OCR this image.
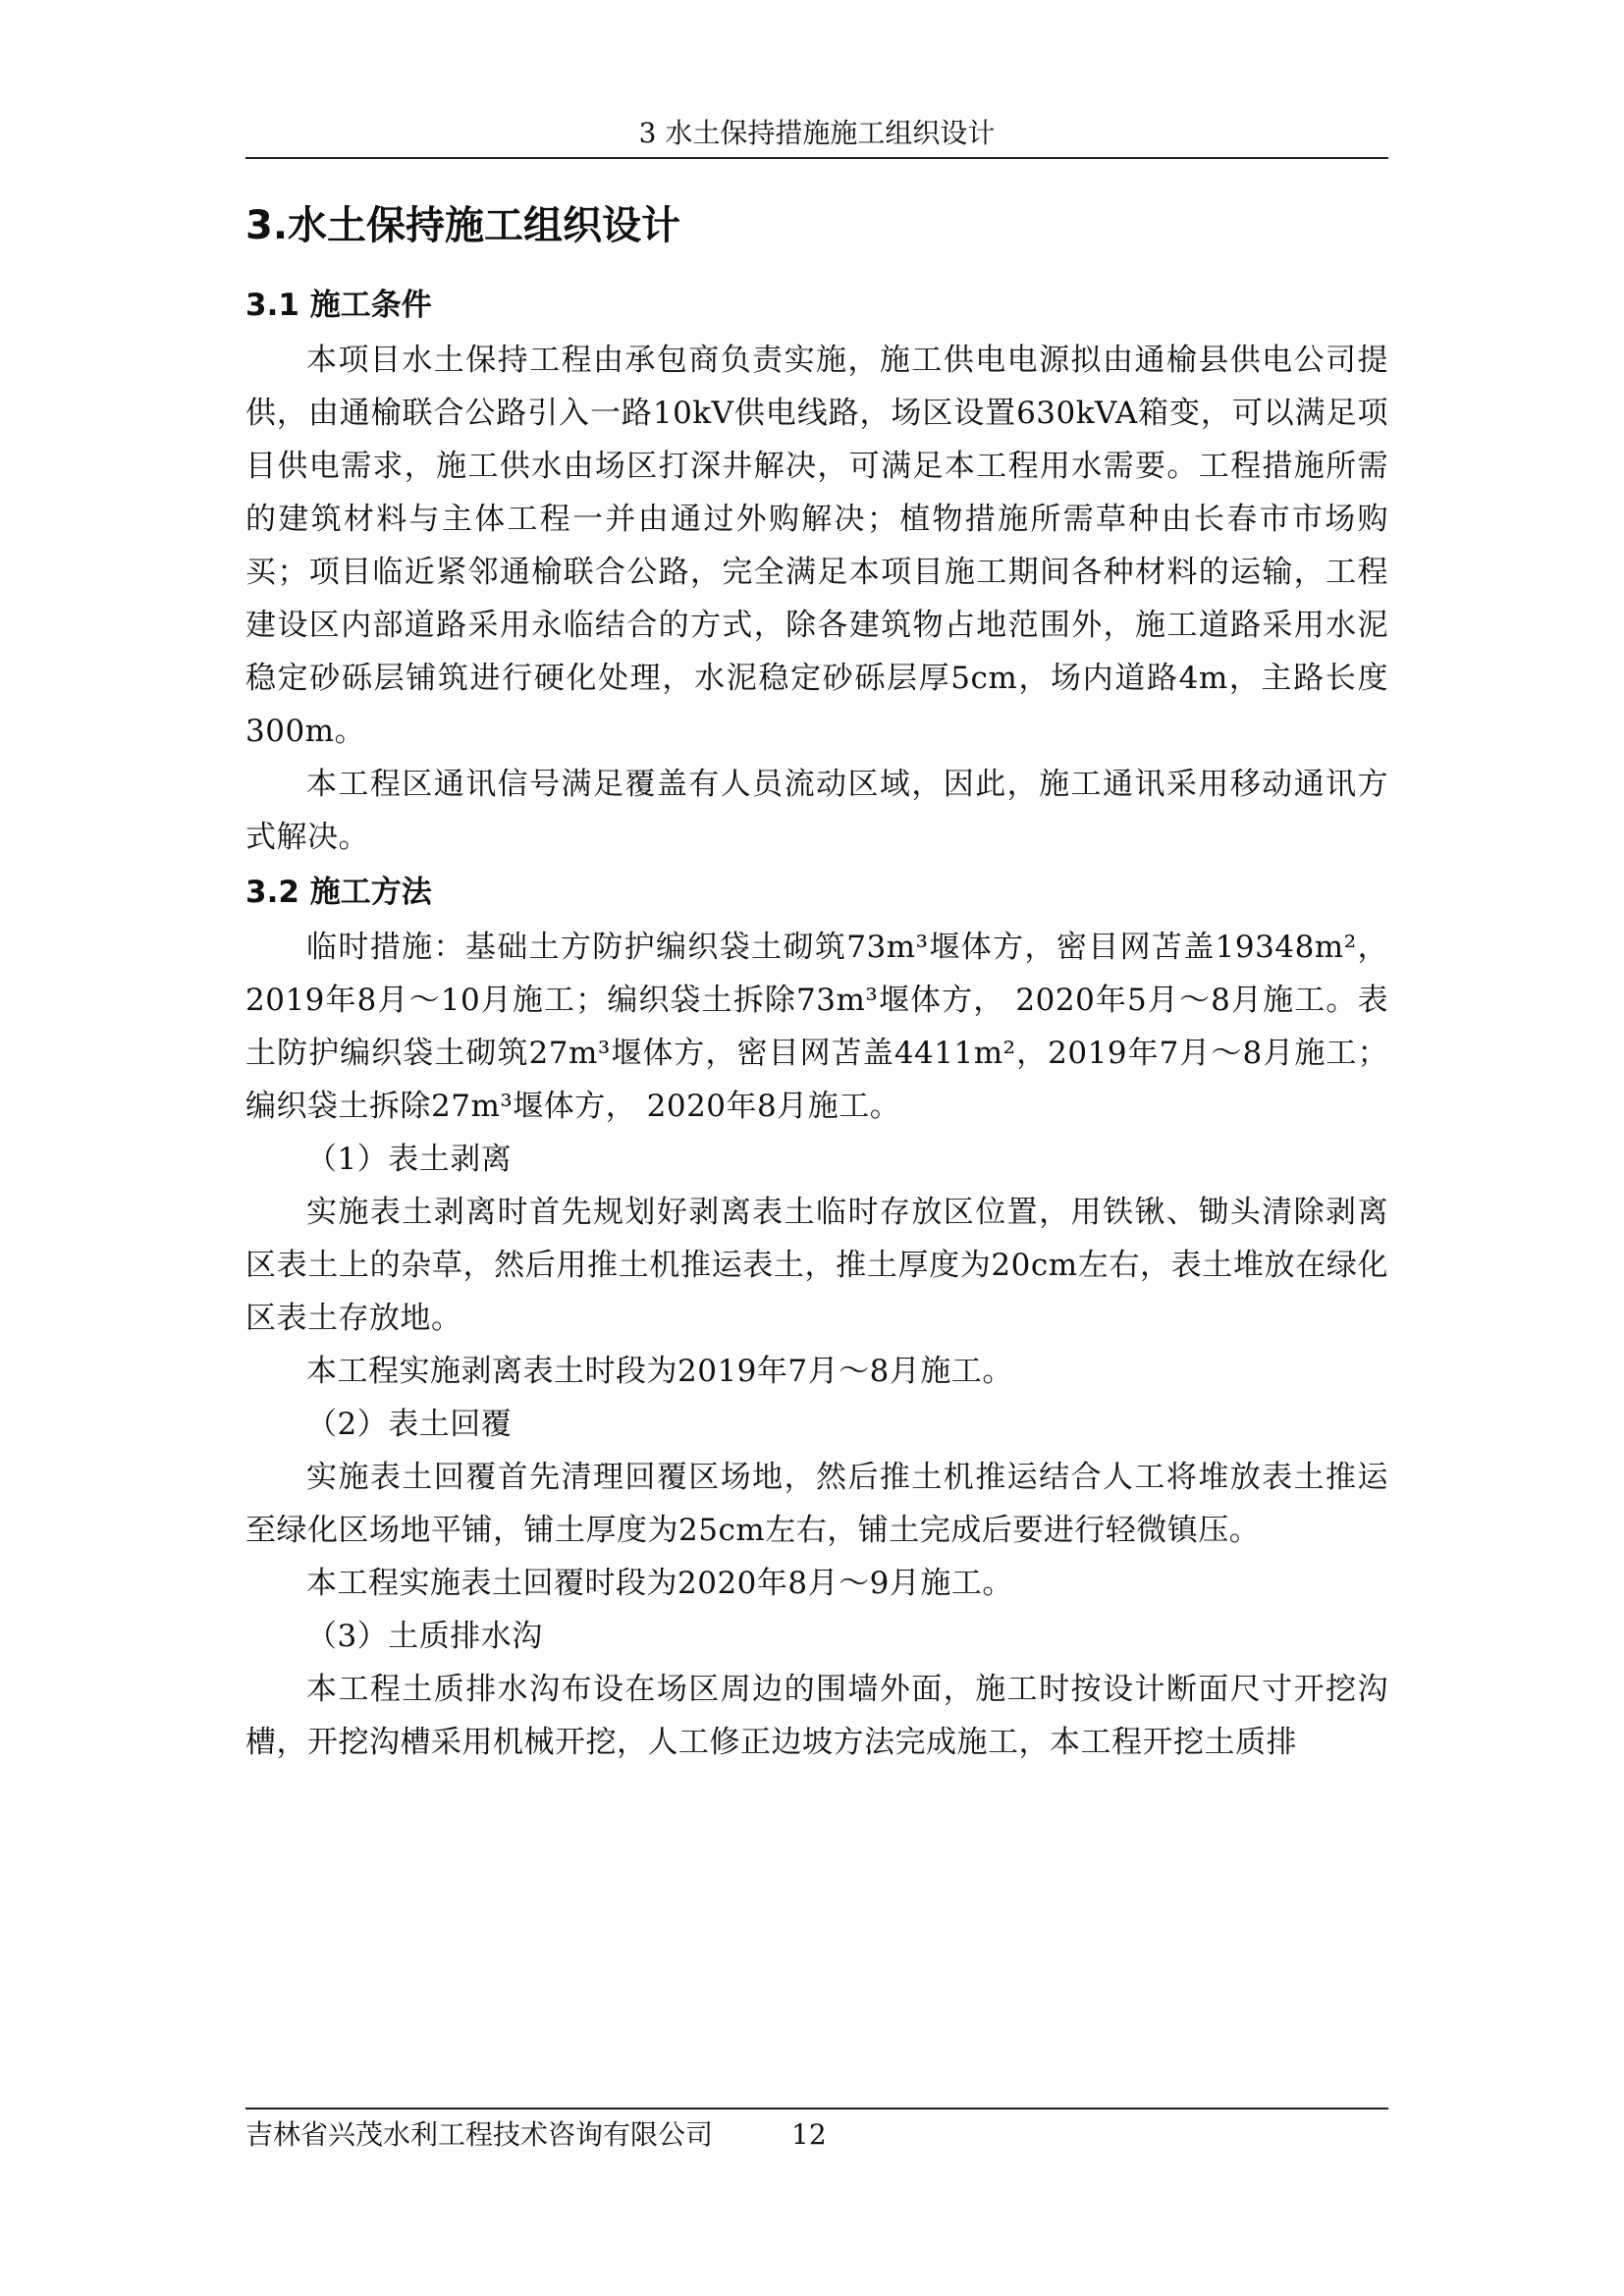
3 水土保持措施施工组织设计
3.水土保持施工组织设计
3.1 施工条件

本项目水土保持工程由承包商负责实施，施工供电电源拟由通榆县供电公司提供，由通榆联合公路引入一路10kV供电线路，场区设置630kVA箱变，可以满足项目供电需求，施工供水由场区打深井解决，可满足本工程用水需要。工程措施所需的建筑材料与主体工程一并由通过外购解决；植物措施所需草种由长春市市场购买；项目临近紧邻通榆联合公路，完全满足本项目施工期间各种材料的运输，工程建设区内部道路采用永临结合的方式，除各建筑物占地范围外，施工道路采用水泥稳定砂砾层铺筑进行硬化处理，水泥稳定砂砾层厚5cm，场内道路4m，主路长度300m。

本工程区通讯信号满足覆盖有人员流动区域，因此，施工通讯采用移动通讯方式解决。

3.2 施工方法

临时措施：基础土方防护编织袋土砌筑73m³堰体方，密目网苫盖19348m²，2019年8月～10月施工；编织袋土拆除73m³堰体方， 2020年5月～8月施工。表土防护编织袋土砌筑27m³堰体方，密目网苫盖4411m²，2019年7月～8月施工；编织袋土拆除27m³堰体方， 2020年8月施工。

（1）表土剥离

实施表土剥离时首先规划好剥离表土临时存放区位置，用铁锹、锄头清除剥离区表土上的杂草，然后用推土机推运表土，推土厚度为20cm左右，表土堆放在绿化区表土存放地。

本工程实施剥离表土时段为2019年7月～8月施工。

（2）表土回覆

实施表土回覆首先清理回覆区场地，然后推土机推运结合人工将堆放表土推运至绿化区场地平铺，铺土厚度为25cm左右，铺土完成后要进行轻微镇压。

本工程实施表土回覆时段为2020年8月～9月施工。

（3）土质排水沟

本工程土质排水沟布设在场区周边的围墙外面，施工时按设计断面尺寸开挖沟槽，开挖沟槽采用机械开挖，人工修正边坡方法完成施工，本工程开挖土质排

吉林省兴茂水利工程技术咨询有限公司	12
